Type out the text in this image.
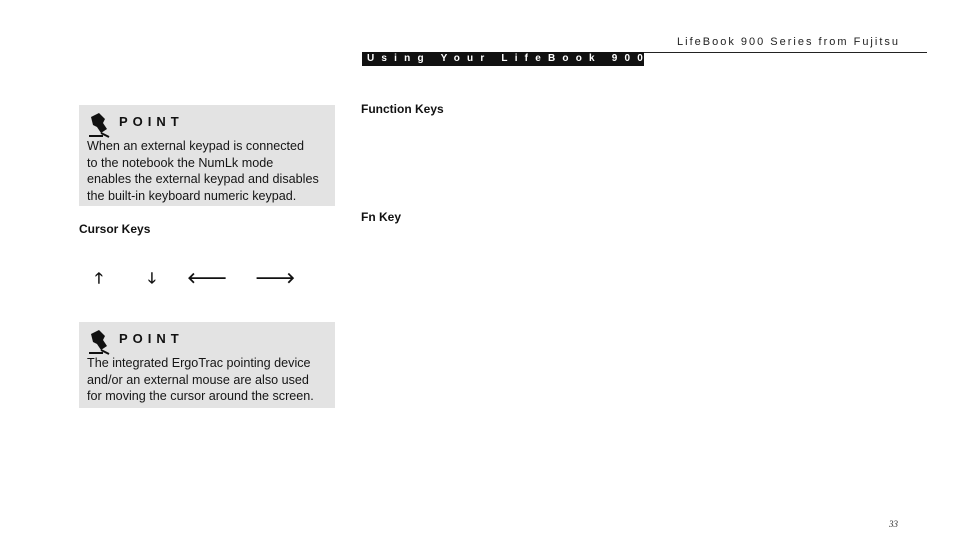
LifeBook 900 Series from Fujitsu
Using Your LifeBook 900 Series
POINT
When an external keypad is connected
to the notebook the NumLk mode
enables the external keypad and disables
the built-in keyboard numeric keypad.
Cursor Keys
🡑	🡓 🡐 🡒
POINT
The integrated ErgoTrac pointing device
and/or an external mouse are also used
for moving the cursor around the screen.
Function Keys
Fn Key
33
